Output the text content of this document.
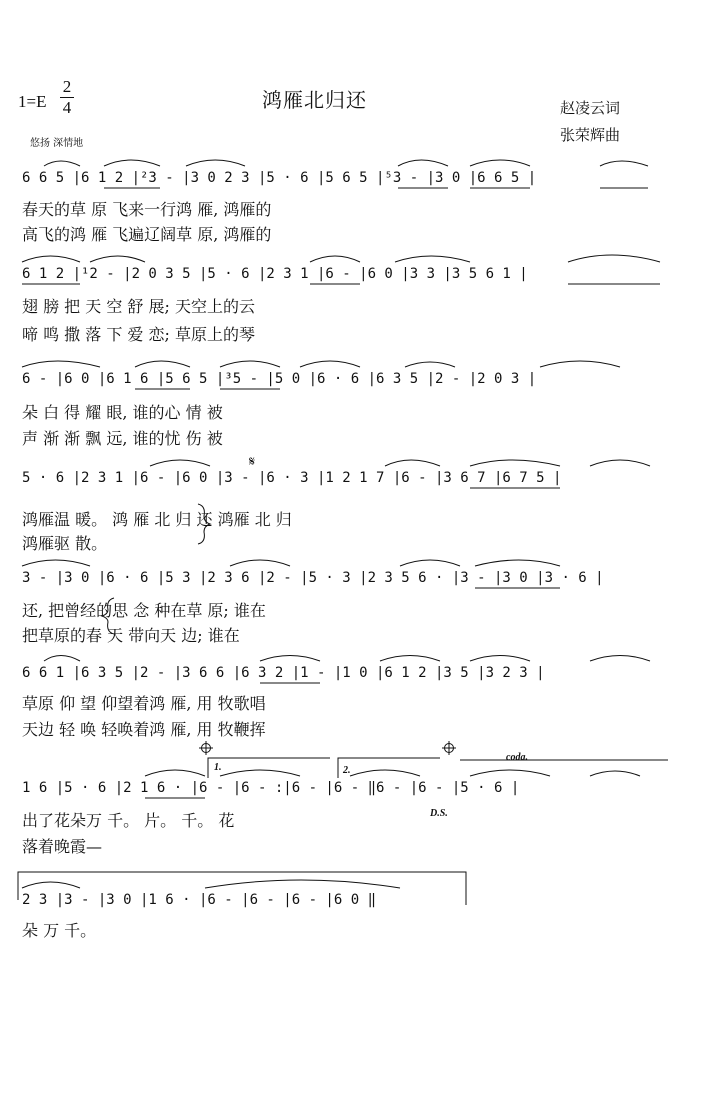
1=E
2
4	鸿雁北归还	赵凌云词
张荣辉曲
悠扬 深情地
6 6 5 |6 1 2 |²3 - |3 0 2 3 |5 · 6 |5 6 5 |⁵3 - |3 0 |6 6 5 |
春天的草 原 飞来一行鸿 雁, 鸿雁的
高飞的鸿 雁 飞遍辽阔草 原, 鸿雁的
6 1 2 |¹2 - |2 0 3 5 |5 · 6 |2 3 1 |6 - |6 0 |3 3 |3 5 6 1 |
翅 膀 把 天 空 舒 展; 天空上的云
啼 鸣 撒 落 下 爱 恋; 草原上的琴
6 - |6 0 |6 1 6 |5 6 5 |³5 - |5 0 |6 · 6 |6 3 5 |2 - |2 0 3 |
朵 白 得 耀 眼, 谁的心 情 被
声 渐 渐 飘 远, 谁的忧 伤 被
5 · 6 |2 3 1 |6 - |6 0 |3 - |6 · 3 |1 2 1 7 |6 - |3 6 7 |6 7 5 |
鸿雁温 暖。 鸿 雁 北 归 还 鸿雁 北 归
鸿雁驱 散。
3 - |3 0 |6 · 6 |5 3 |2 3 6 |2 - |5 · 3 |2 3 5 6 · |3 - |3 0 |3 · 6 |
还, 把曾经的思 念 种在草 原; 谁在
把草原的春 天 带向天 边; 谁在
6 6 1 |6 3 5 |2 - |3 6 6 |6 3 2 |1 - |1 0 |6 1 2 |3 5 |3 2 3 |
草原 仰 望 仰望着鸿 雁, 用 牧歌唱
天边 轻 唤 轻唤着鸿 雁, 用 牧鞭挥
1.	2.
coda.
1 6 |5 · 6 |2 1 6 · |6 - |6 - :|6 - |6 - ‖6 - |6 - |5 · 6 |
出了花朵万 千。 片。 千。 花	D.S.
落着晚霞—
2 3 |3 - |3 0 |1 6 · |6 - |6 - |6 - |6 0 ‖
朵 万 千。
𝄋
